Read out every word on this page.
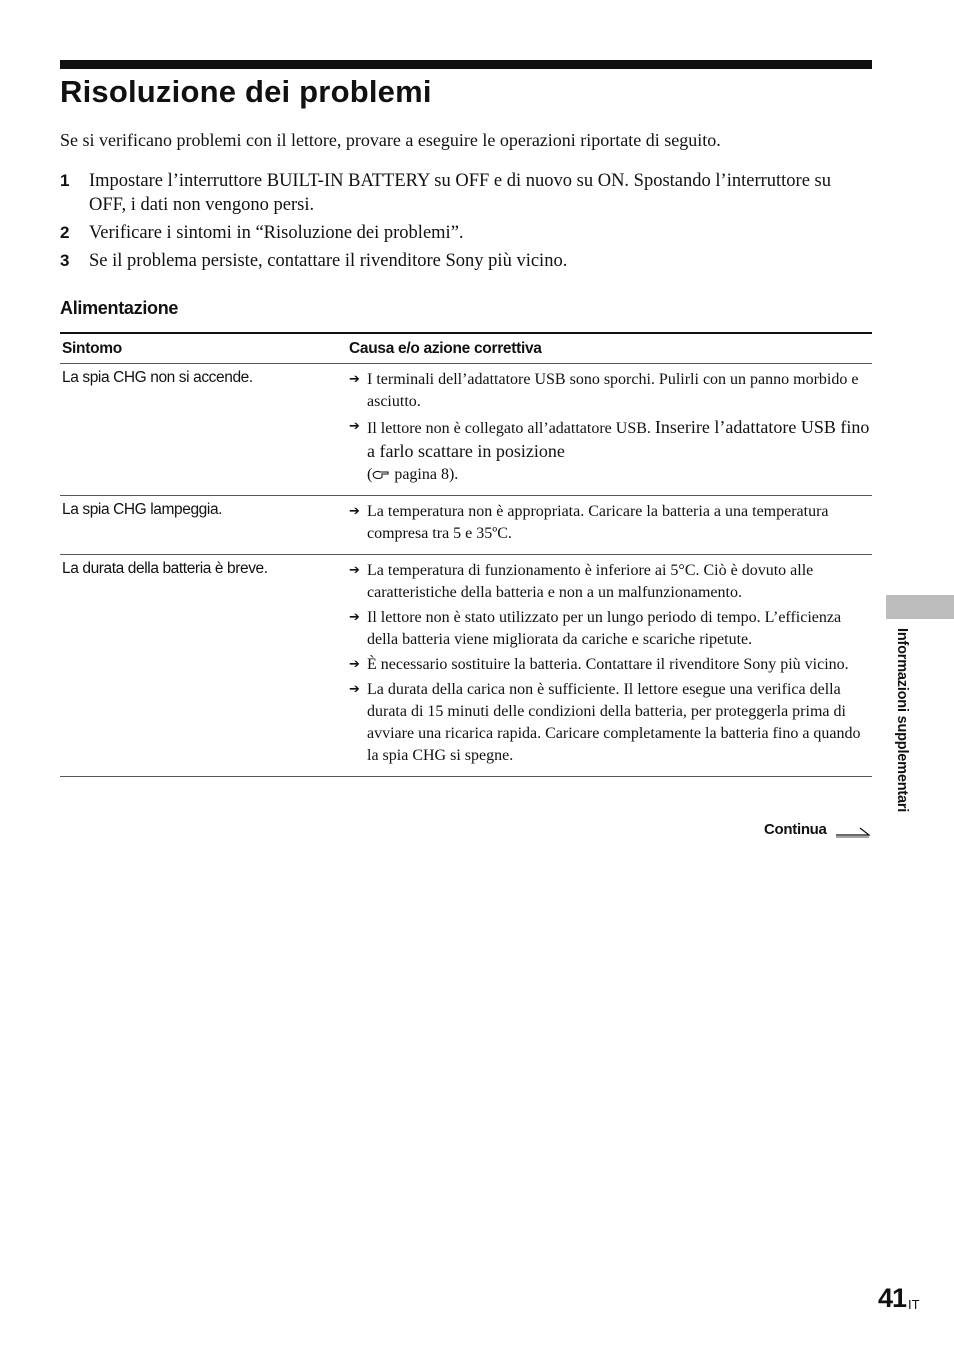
Risoluzione dei problemi

Se si verificano problemi con il lettore, provare a eseguire le operazioni riportate di seguito.

1	Impostare l’interruttore BUILT-IN BATTERY su OFF e di nuovo su ON. Spostando l’interruttore su OFF, i dati non vengono persi.
2	Verificare i sintomi in “Risoluzione dei problemi”.
3	Se il problema persiste, contattare il rivenditore Sony più vicino.
Alimentazione
Sintomo	Causa e/o azione correttiva
La spia CHG non si accende.	➔ I terminali dell’adattatore USB sono sporchi. Pulirli con un panno morbido e asciutto.
➔ Il lettore non è collegato all’adattatore USB. Inserire l’adattatore USB fino a farlo scattare in posizione
( pagina 8).
La spia CHG lampeggia.	➔ La temperatura non è appropriata. Caricare la batteria a una temperatura compresa tra 5 e 35ºC.
La durata della batteria è breve.	➔ La temperatura di funzionamento è inferiore ai 5°C. Ciò è dovuto alle caratteristiche della batteria e non a un malfunzionamento.
➔ Il lettore non è stato utilizzato per un lungo periodo di tempo. L’efficienza della batteria viene migliorata da cariche e scariche ripetute.
➔ È necessario sostituire la batteria. Contattare il rivenditore Sony più vicino.
➔ La durata della carica non è sufficiente. Il lettore esegue una verifica della durata di 15 minuti delle condizioni della batteria, per proteggerla prima di avviare una ricarica rapida. Caricare completamente la batteria fino a quando la spia CHG si spegne.
Continua
Informazioni supplementari
41 IT
